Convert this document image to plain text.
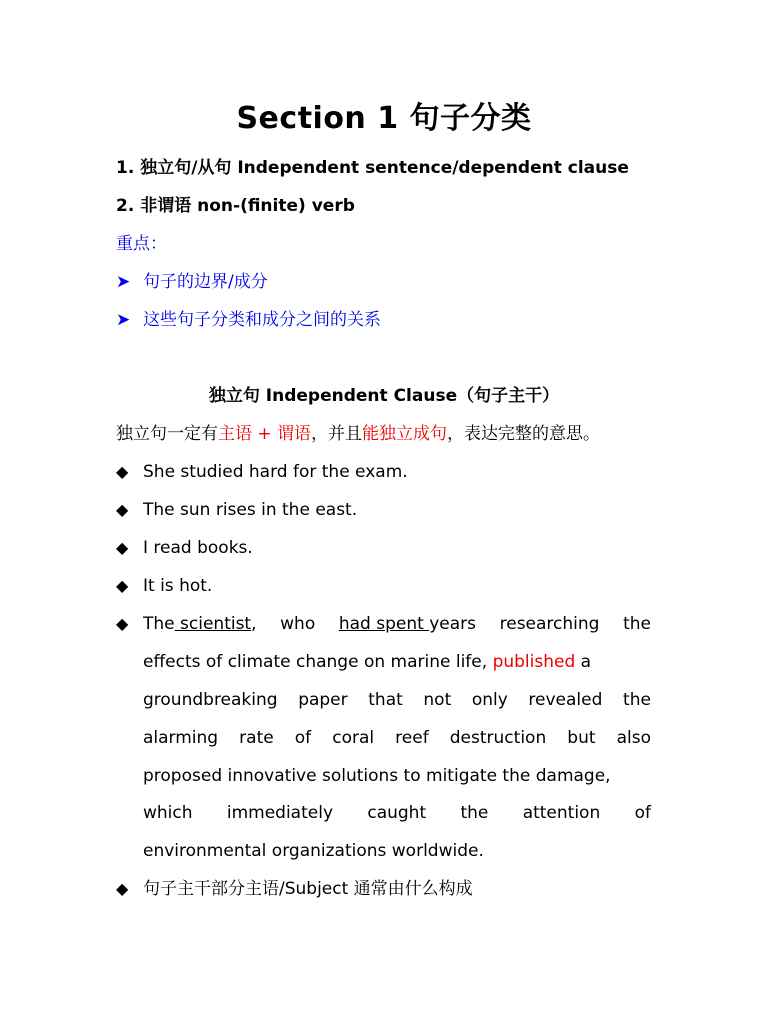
Section 1 句子分类
1. 独立句/从句 Independent sentence/dependent clause
2. 非谓语 non-(finite) verb
重点：
➤ 句子的边界/成分
➤ 这些句子分类和成分之间的关系
独立句 Independent Clause（句子主干）
独立句一定有主语 + 谓语，并且能独立成句，表达完整的意思。
◆ She studied hard for the exam.
◆ The sun rises in the east.
◆ I read books.
◆ It is hot.
◆ The scientist, who had spent years researching the
effects of climate change on marine life, published a
groundbreaking paper that not only revealed the
alarming rate of coral reef destruction but also
proposed innovative solutions to mitigate the damage,
which immediately caught the attention of
environmental organizations worldwide.
◆ 句子主干部分主语/Subject 通常由什么构成
